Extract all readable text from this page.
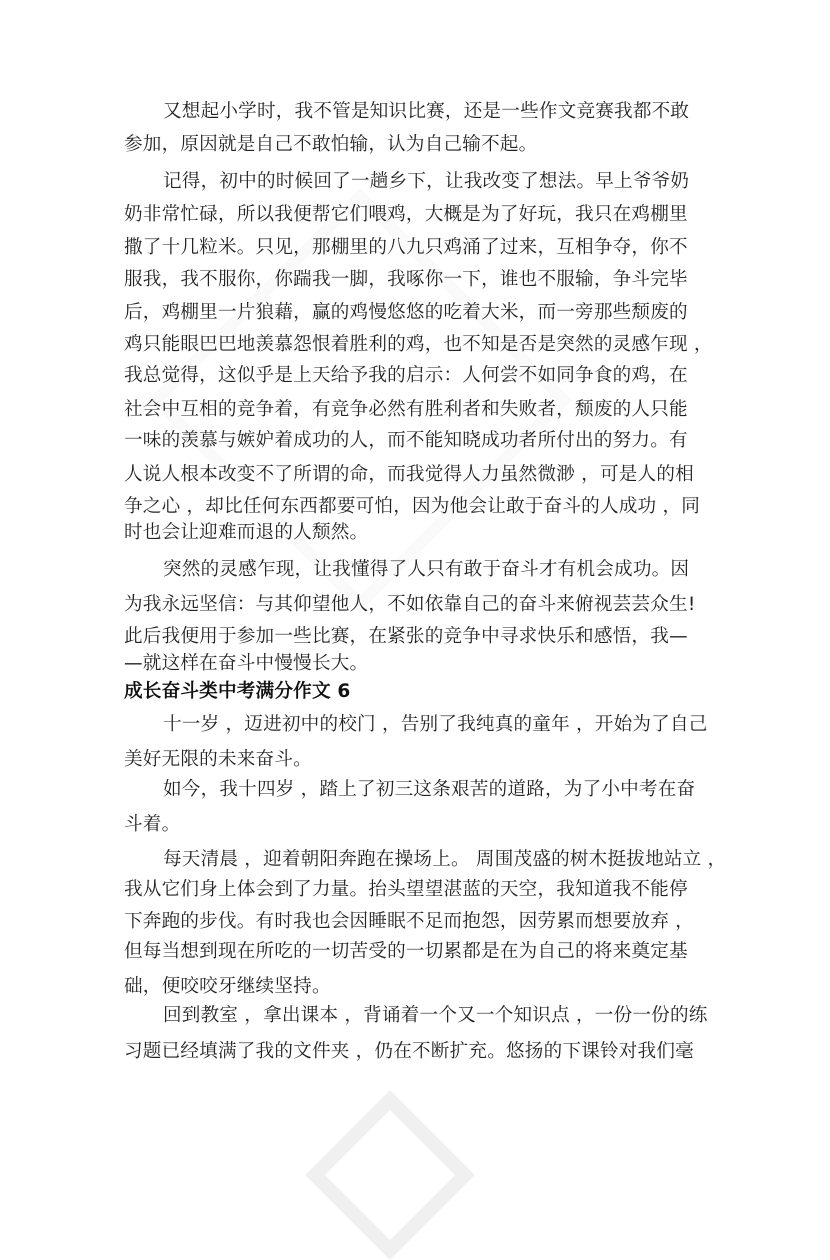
又想起小学时，我不管是知识比赛，还是一些作文竞赛我都不敢
参加，原因就是自己不敢怕输，认为自己输不起。
记得，初中的时候回了一趟乡下，让我改变了想法。早上爷爷奶
奶非常忙碌，所以我便帮它们喂鸡，大概是为了好玩，我只在鸡棚里
撒了十几粒米。只见，那棚里的八九只鸡涌了过来，互相争夺，你不
服我，我不服你，你踹我一脚，我啄你一下，谁也不服输，争斗完毕
后，鸡棚里一片狼藉，赢的鸡慢悠悠的吃着大米，而一旁那些颓废的
鸡只能眼巴巴地羡慕怨恨着胜利的鸡，也不知是否是突然的灵感乍现 ，
我总觉得，这似乎是上天给予我的启示：人何尝不如同争食的鸡，在
社会中互相的竞争着，有竞争必然有胜利者和失败者，颓废的人只能
一味的羡慕与嫉妒着成功的人，而不能知晓成功者所付出的努力。有
人说人根本改变不了所谓的命，而我觉得人力虽然微渺 ，可是人的相
争之心 ，却比任何东西都要可怕，因为他会让敢于奋斗的人成功 ，同
时也会让迎难而退的人颓然。
突然的灵感乍现，让我懂得了人只有敢于奋斗才有机会成功。因
为我永远坚信：与其仰望他人，不如依靠自己的奋斗来俯视芸芸众生!
此后我便用于参加一些比赛，在紧张的竞争中寻求快乐和感悟，我—
—就这样在奋斗中慢慢长大。
成长奋斗类中考满分作文 6
十一岁 ，迈进初中的校门 ，告别了我纯真的童年 ，开始为了自己
美好无限的未来奋斗。
如今，我十四岁 ，踏上了初三这条艰苦的道路，为了小中考在奋
斗着。
每天清晨 ，迎着朝阳奔跑在操场上。 周围茂盛的树木挺拔地站立 ，
我从它们身上体会到了力量。抬头望望湛蓝的天空，我知道我不能停
下奔跑的步伐。有时我也会因睡眠不足而抱怨，因劳累而想要放弃 ，
但每当想到现在所吃的一切苦受的一切累都是在为自己的将来奠定基
础，便咬咬牙继续坚持。
回到教室 ，拿出课本 ，背诵着一个又一个知识点 ，一份一份的练
习题已经填满了我的文件夹 ，仍在不断扩充。悠扬的下课铃对我们毫
